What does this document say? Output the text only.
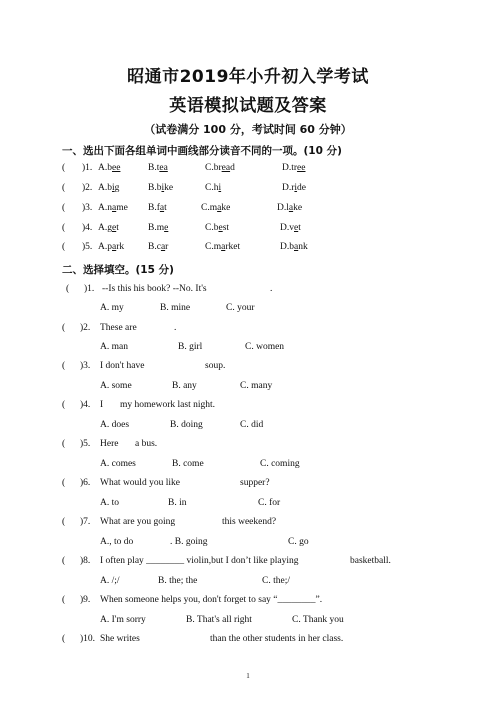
昭通市2019年小升初入学考试
英语模拟试题及答案
（试卷满分 100 分，考试时间 60 分钟）
一、选出下面各组单词中画线部分读音不同的一项。(10 分)
( )1. A.bee	B.tea	C.bread	D.tree
( )2. A.big	B.bike	C.hi	D.ride
( )3. A.name B.fat	C.make	D.lake
( )4. A.get	B.me	C.best	D.vet
( )5. A.park	B.car	C.market	D.bank
二、选择填空。(15 分)
( )1. --Is this his book? --No. It's	.
A. my	B. mine	C. your
( )2. These are	.
A. man	B. girl	C. women
( )3. I don't have	soup.
A. some	B. any	C. many
( )4. I my homework last night.
A. does	B. doing	C. did
( )5. Here a bus.
A. comes	B. come	C. coming
( )6. What would you like	supper?
A. to	B. in	C. for
( )7. What are you going	this weekend?
A., to do	. B. going	C. go
( )8. I often play ________ violin,but I don’t like playing	basketball.
A. /;/	B. the; the	C. the;/
( )9. When someone helps you, don't forget to say “________”.
A. I'm sorry	B. That's all right	C. Thank you
( )10. She writes	than the other students in her class.
1
